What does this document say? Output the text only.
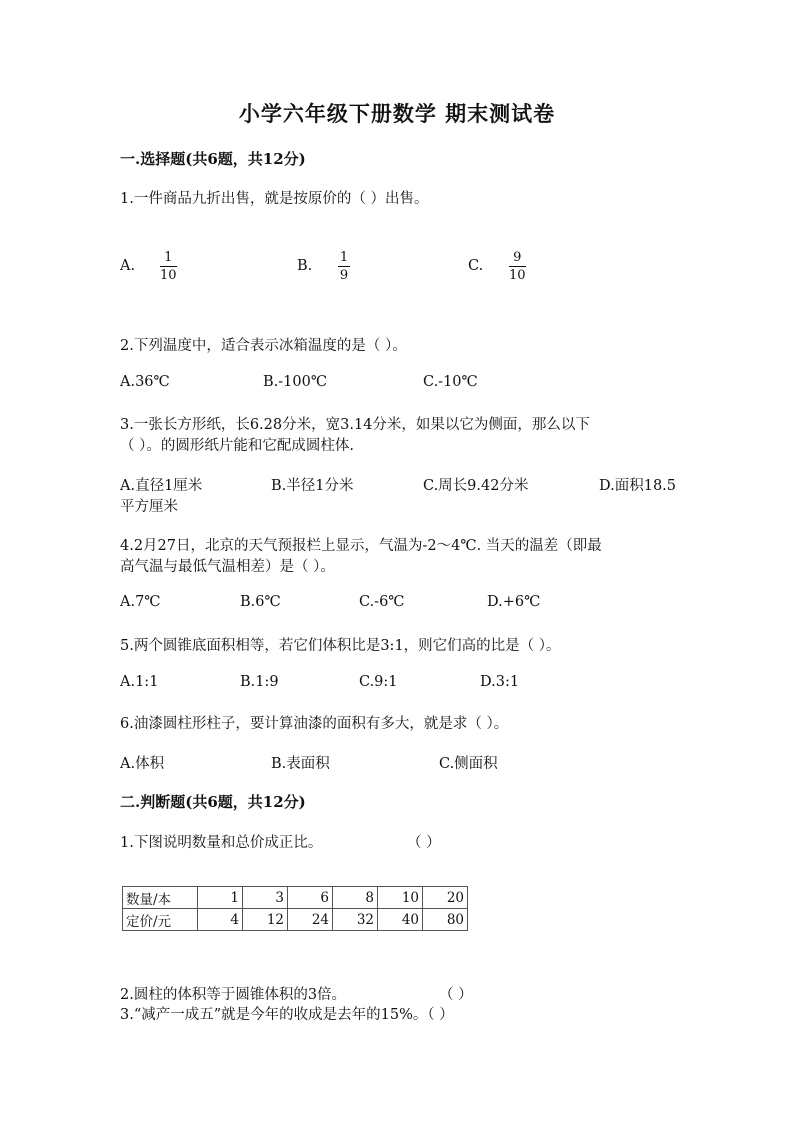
小学六年级下册数学 期末测试卷
一.选择题(共6题，共12分)
1.一件商品九折出售，就是按原价的（ ）出售。
A.
1
10
B.
1
9
C.
9
10
2.下列温度中，适合表示冰箱温度的是（ ）。
A.36℃	B.-100℃	C.-10℃
3.一张长方形纸，长6.28分米，宽3.14分米，如果以它为侧面，那么以下
（ ）。的圆形纸片能和它配成圆柱体.
A.直径1厘米	B.半径1分米	C.周长9.42分米	D.面积18.5
平方厘米
4.2月27日，北京的天气预报栏上显示，气温为-2～4℃. 当天的温差（即最
高气温与最低气温相差）是（ ）。
A.7℃	B.6℃	C.-6℃	D.+6℃
5.两个圆锥底面积相等，若它们体积比是3:1，则它们高的比是（ ）。
A.1:1	B.1:9	C.9:1	D.3:1
6.油漆圆柱形柱子，要计算油漆的面积有多大，就是求（ ）。
A.体积	B.表面积	C.侧面积
二.判断题(共6题，共12分)
1.下图说明数量和总价成正比。	（ ）
数量/本	1	3	6	8	10	20
定价/元	4	12	24	32	40	80
2.圆柱的体积等于圆锥体积的3倍。	（ ）
3.“减产一成五”就是今年的收成是去年的15%。（ ）
